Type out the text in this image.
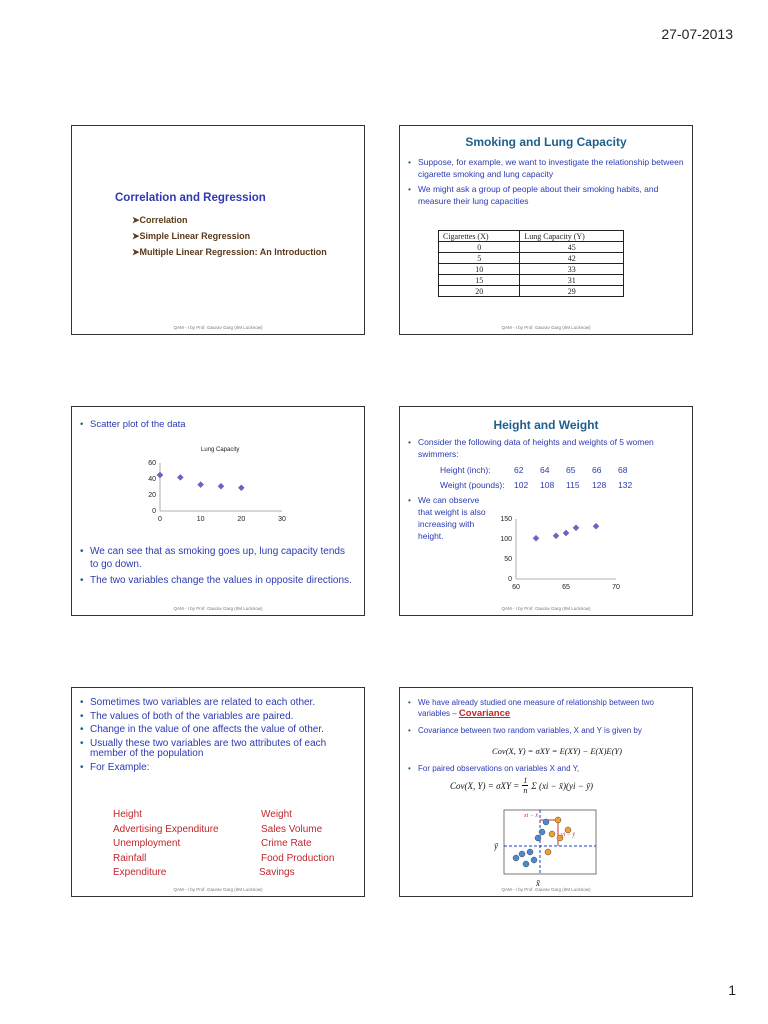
27-07-2013
Correlation and Regression
➤Correlation
➤Simple Linear Regression
➤Multiple Linear Regression: An Introduction
QAM - I by Prof. Gaurav Garg (IIM Lucknow)
Smoking and Lung Capacity
• Suppose, for example, we want to investigate the relationship between cigarette smoking and lung capacity
• We might ask a group of people about their smoking habits, and measure their lung capacities
Cigarettes (X)	Lung Capacity (Y)
0	45
5	42
10	33
15	31
20	29
QAM - I by Prof. Gaurav Garg (IIM Lucknow)
• Scatter plot of the data
Lung Capacity
0
20
40
60
0	10	20	30
• We can see that as smoking goes up, lung capacity tends to go down.
• The two variables change the values in opposite directions.
QAM - I by Prof. Gaurav Garg (IIM Lucknow)
Height and Weight
• Consider the following data of heights and weights of 5 women swimmers:
Height (inch):	62	64	65	66	68
Weight (pounds):	102	108	115	128	132
• We can observe that weight is also increasing with height.
0
50
100
150
60	65	70
QAM - I by Prof. Gaurav Garg (IIM Lucknow)
• Sometimes two variables are related to each other.
• The values of both of the variables are paired.
• Change in the value of one affects the value of other.
• Usually these two variables are two attributes of each member of the population
• For Example:
Height	Weight
Advertising Expenditure	Sales Volume
Unemployment	Crime Rate
Rainfall	Food Production
Expenditure	Savings
QAM - I by Prof. Gaurav Garg (IIM Lucknow)
• We have already studied one measure of relationship between two variables – Covariance
• Covariance between two random variables, X and Y is given by
Cov(X, Y) = σXY = E(XY) − E(X)E(Y)
• For paired observations on variables X and Y,
Cov(X, $Y) = \sigma XY = \frac{1}{n}$ Σ (xi − x̄)(yi − ȳ)
xi − x̄
yi − ȳ
ȳ
x̄
QAM - I by Prof. Gaurav Garg (IIM Lucknow)
1
